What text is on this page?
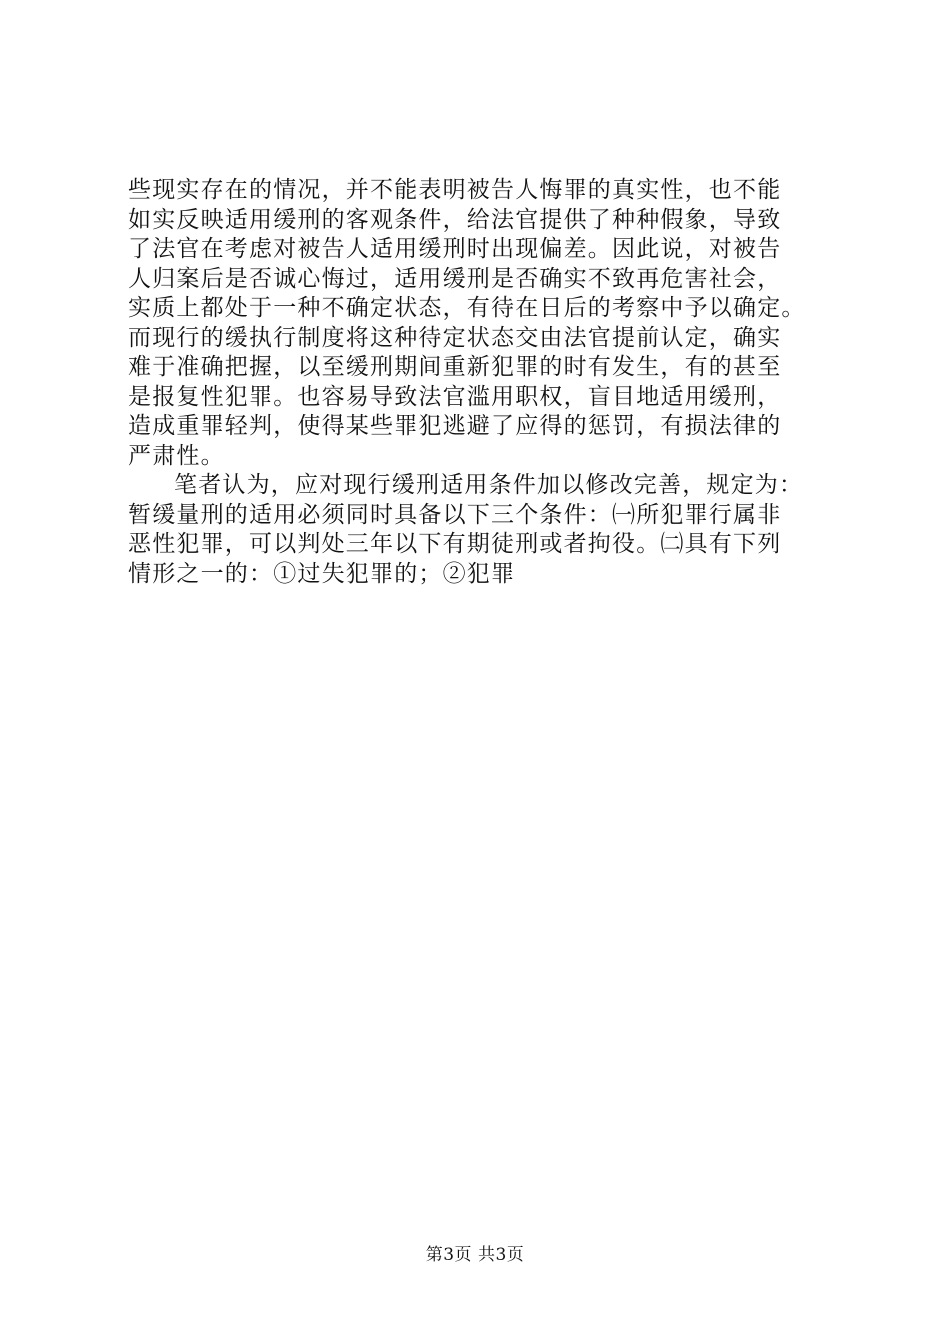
些现实存在的情况，并不能表明被告人悔罪的真实性，也不能
如实反映适用缓刑的客观条件，给法官提供了种种假象，导致
了法官在考虑对被告人适用缓刑时出现偏差。因此说，对被告
人归案后是否诚心悔过，适用缓刑是否确实不致再危害社会，
实质上都处于一种不确定状态，有待在日后的考察中予以确定。
而现行的缓执行制度将这种待定状态交由法官提前认定，确实
难于准确把握，以至缓刑期间重新犯罪的时有发生，有的甚至
是报复性犯罪。也容易导致法官滥用职权，盲目地适用缓刑，
造成重罪轻判，使得某些罪犯逃避了应得的惩罚，有损法律的
严肃性。
笔者认为，应对现行缓刑适用条件加以修改完善，规定为：
暂缓量刑的适用必须同时具备以下三个条件：㈠所犯罪行属非
恶性犯罪，可以判处三年以下有期徒刑或者拘役。㈡具有下列
情形之一的：①过失犯罪的；②犯罪
第3页 共3页
